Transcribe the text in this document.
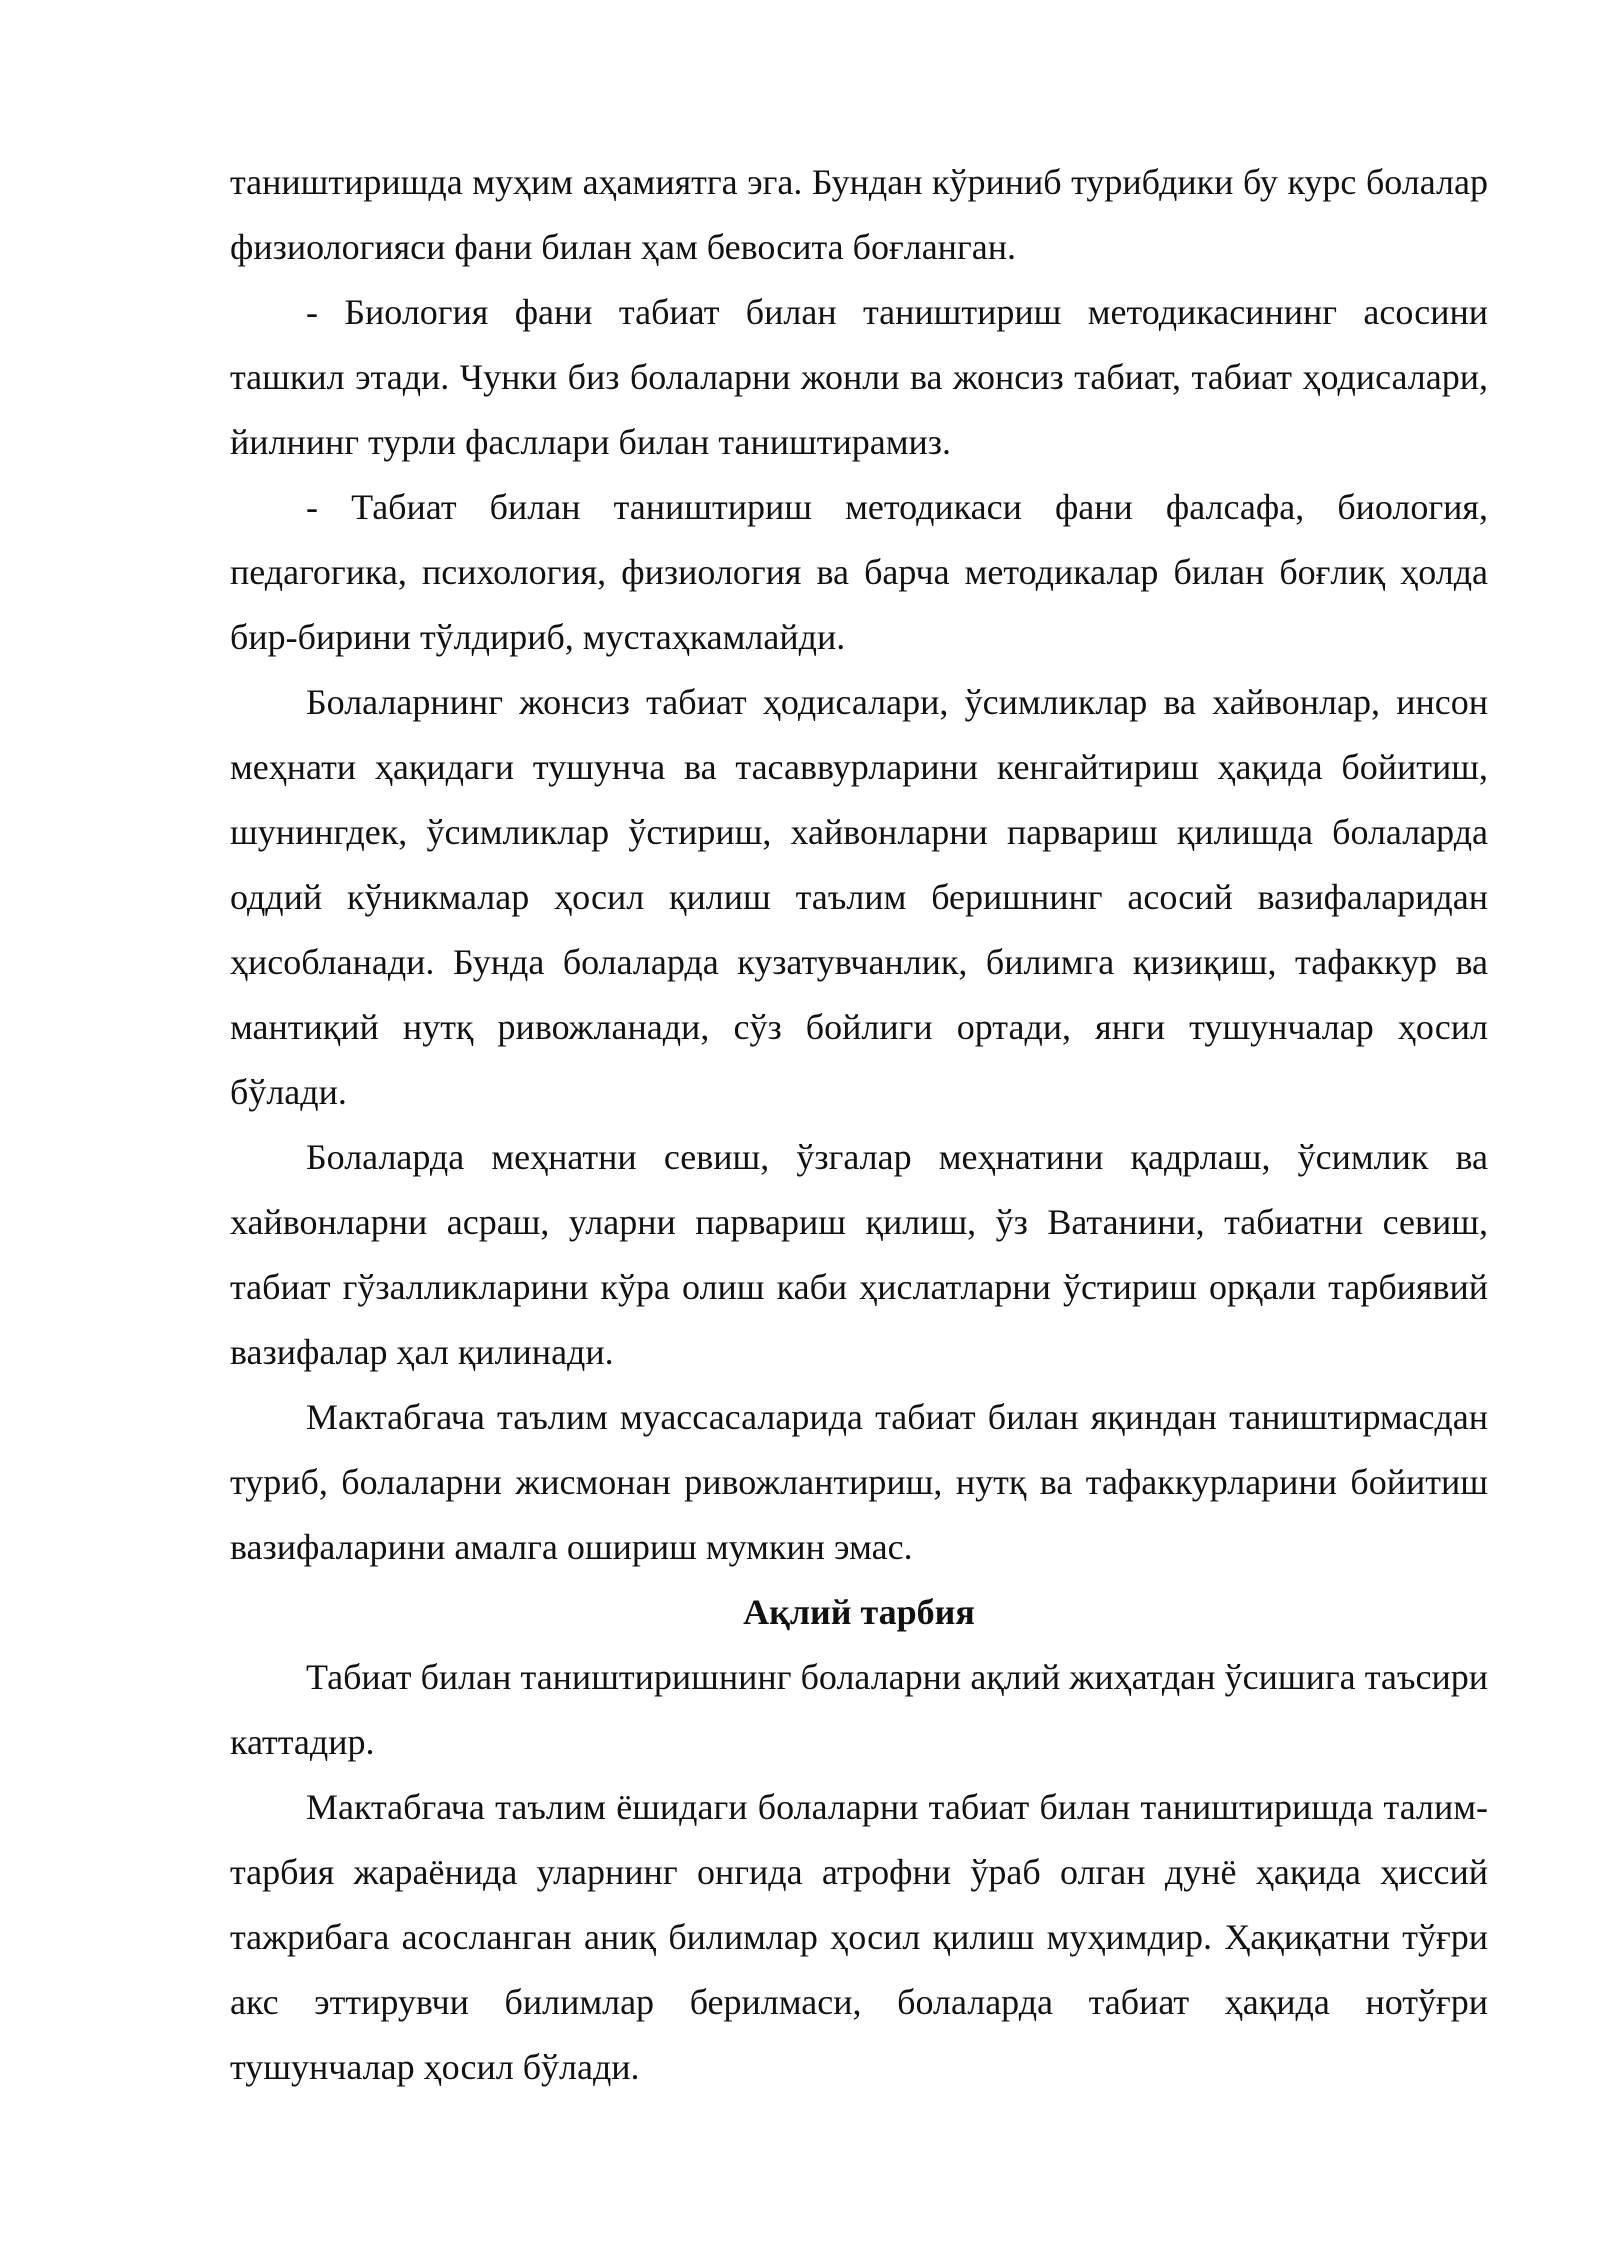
таништиришда муҳим аҳамиятга эга. Бундан кўриниб турибдики бу курс болалар физиологияси фани билан ҳам бевосита боғланган.

- Биология фани табиат билан таништириш методикасининг асосини ташкил этади. Чунки биз болаларни жонли ва жонсиз табиат, табиат ҳодисалари, йилнинг турли фасллари билан таништирамиз.

- Табиат билан таништириш методикаси фани фалсафа, биология, педагогика, психология, физиология ва барча методикалар билан боғлиқ ҳолда бир-бирини тўлдириб, мустаҳкамлайди.

Болаларнинг жонсиз табиат ҳодисалари, ўсимликлар ва хайвонлар, инсон меҳнати ҳақидаги тушунча ва тасаввурларини кенгайтириш ҳақида бойитиш, шунингдек, ўсимликлар ўстириш, хайвонларни парвариш қилишда болаларда оддий кўникмалар ҳосил қилиш таълим беришнинг асосий вазифаларидан ҳисобланади. Бунда болаларда кузатувчанлик, билимга қизиқиш, тафаккур ва мантиқий нутқ ривожланади, сўз бойлиги ортади, янги тушунчалар ҳосил бўлади.

Болаларда меҳнатни севиш, ўзгалар меҳнатини қадрлаш, ўсимлик ва хайвонларни асраш, уларни парвариш қилиш, ўз Ватанини, табиатни севиш, табиат гўзалликларини кўра олиш каби ҳислатларни ўстириш орқали тарбиявий вазифалар ҳал қилинади.

Мактабгача таълим муассасаларида табиат билан яқиндан таништирмасдан туриб, болаларни жисмонан ривожлантириш, нутқ ва тафаккурларини бойитиш вазифаларини амалга ошириш мумкин эмас.

Ақлий тарбия

Табиат билан таништиришнинг болаларни ақлий жиҳатдан ўсишига таъсири каттадир.

Мактабгача таълим ёшидаги болаларни табиат билан таништиришда талим-тарбия жараёнида уларнинг онгида атрофни ўраб олган дунё ҳақида ҳиссий тажрибага асосланган аниқ билимлар ҳосил қилиш муҳимдир. Ҳақиқатни тўғри акс эттирувчи билимлар берилмаси, болаларда табиат ҳақида нотўғри тушунчалар ҳосил бўлади.
